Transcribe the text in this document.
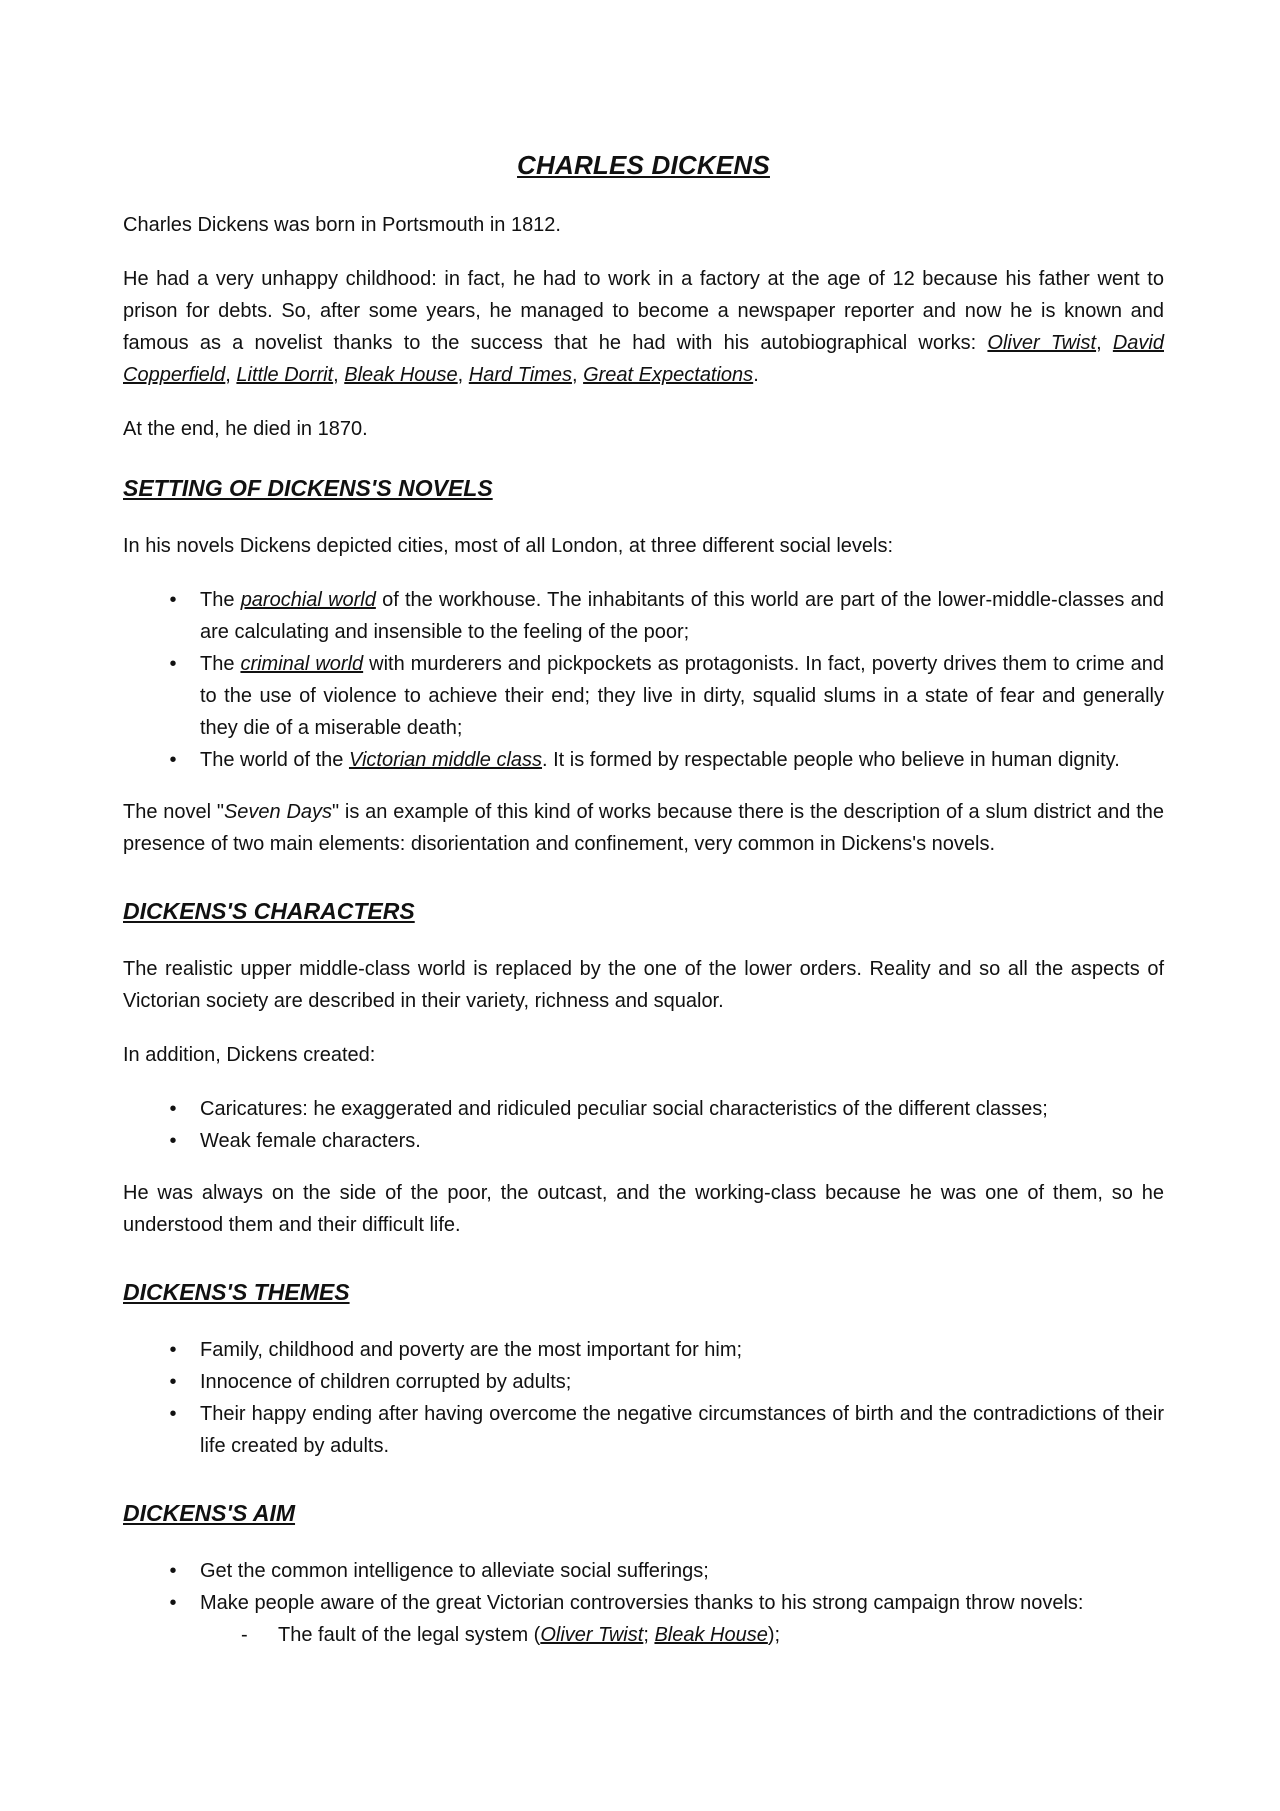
CHARLES DICKENS

Charles Dickens was born in Portsmouth in 1812.

He had a very unhappy childhood: in fact, he had to work in a factory at the age of 12 because his father went to prison for debts. So, after some years, he managed to become a newspaper reporter and now he is known and famous as a novelist thanks to the success that he had with his autobiographical works: Oliver Twist, David Copperfield, Little Dorrit, Bleak House, Hard Times, Great Expectations.

At the end, he died in 1870.

SETTING OF DICKENS'S NOVELS

In his novels Dickens depicted cities, most of all London, at three different social levels:

•	The parochial world of the workhouse. The inhabitants of this world are part of the lower-middle-classes and are calculating and insensible to the feeling of the poor;
•	The criminal world with murderers and pickpockets as protagonists. In fact, poverty drives them to crime and to the use of violence to achieve their end; they live in dirty, squalid slums in a state of fear and generally they die of a miserable death;
•	The world of the Victorian middle class. It is formed by respectable people who believe in human dignity.

The novel "Seven Days" is an example of this kind of works because there is the description of a slum district and the presence of two main elements: disorientation and confinement, very common in Dickens's novels.

DICKENS'S CHARACTERS

The realistic upper middle-class world is replaced by the one of the lower orders. Reality and so all the aspects of Victorian society are described in their variety, richness and squalor.

In addition, Dickens created:

•	Caricatures: he exaggerated and ridiculed peculiar social characteristics of the different classes;
•	Weak female characters.

He was always on the side of the poor, the outcast, and the working-class because he was one of them, so he understood them and their difficult life.

DICKENS'S THEMES
•	Family, childhood and poverty are the most important for him;
•	Innocence of children corrupted by adults;
•	Their happy ending after having overcome the negative circumstances of birth and the contradictions of their life created by adults.
DICKENS'S AIM
•	Get the common intelligence to alleviate social sufferings;
•	Make people aware of the great Victorian controversies thanks to his strong campaign throw novels:
- The fault of the legal system (Oliver Twist; Bleak House);
